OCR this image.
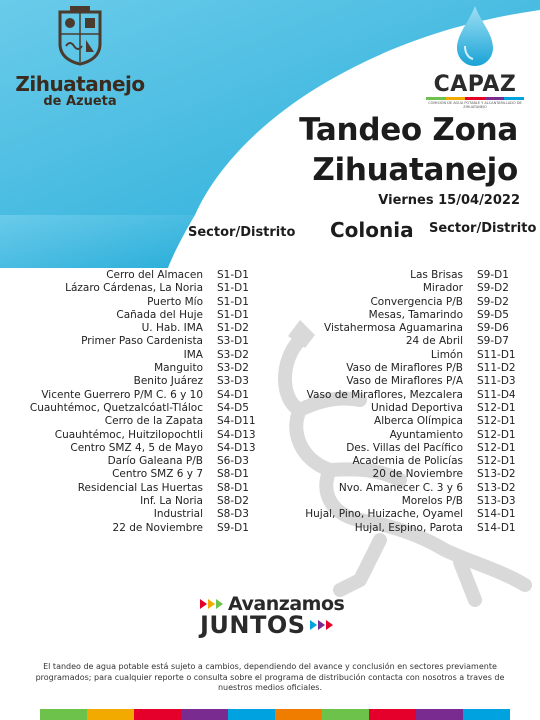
Zihuatanejo
de Azueta
CAPAZ
COMISIÓN DE AGUA POTABLE Y ALCANTARILLADO DE ZIHUATANEJO
Tandeo Zona
Zihuatanejo
Viernes 15/04/2022
Sector/Distrito Colonia Sector/Distrito
Cerro del Almacen	S1-D1
Lázaro Cárdenas, La Noria	S1-D1
Puerto Mío	S1-D1
Cañada del Huje	S1-D1
U. Hab. IMA	S1-D2
Primer Paso Cardenista	S3-D1
IMA	S3-D2
Manguito	S3-D2
Benito Juárez	S3-D3
Vicente Guerrero P/M C. 6 y 10	S4-D1
Cuauhtémoc, Quetzalcóatl-Tláloc	S4-D5
Cerro de la Zapata	S4-D11
Cuauhtémoc, Huitzilopochtli	S4-D13
Centro SMZ 4, 5 de Mayo	S4-D13
Darío Galeana P/B	S6-D3
Centro SMZ 6 y 7	S8-D1
Residencial Las Huertas	S8-D1
Inf. La Noria	S8-D2
Industrial	S8-D3
22 de Noviembre	S9-D1
Las Brisas	S9-D1
Mirador	S9-D2
Convergencia P/B	S9-D2
Mesas, Tamarindo	S9-D5
Vistahermosa Aguamarina	S9-D6
24 de Abril	S9-D7
Limón	S11-D1
Vaso de Miraflores P/B	S11-D2
Vaso de Miraflores P/A	S11-D3
Vaso de Miraflores, Mezcalera	S11-D4
Unidad Deportiva	S12-D1
Alberca Olímpica	S12-D1
Ayuntamiento	S12-D1
Des. Villas del Pacífico	S12-D1
Academia de Policías	S12-D1
20 de Noviembre	S13-D2
Nvo. Amanecer C. 3 y 6	S13-D2
Morelos P/B	S13-D3
Hujal, Pino, Huizache, Oyamel	S14-D1
Hujal, Espino, Parota	S14-D1
Avanzamos
JUNTOS

El tandeo de agua potable está sujeto a cambios, dependiendo del avance y conclusión en sectores previamente programados; para cualquier reporte o consulta sobre el programa de distribución contacta con nosotros a traves de nuestros medios oficiales.
